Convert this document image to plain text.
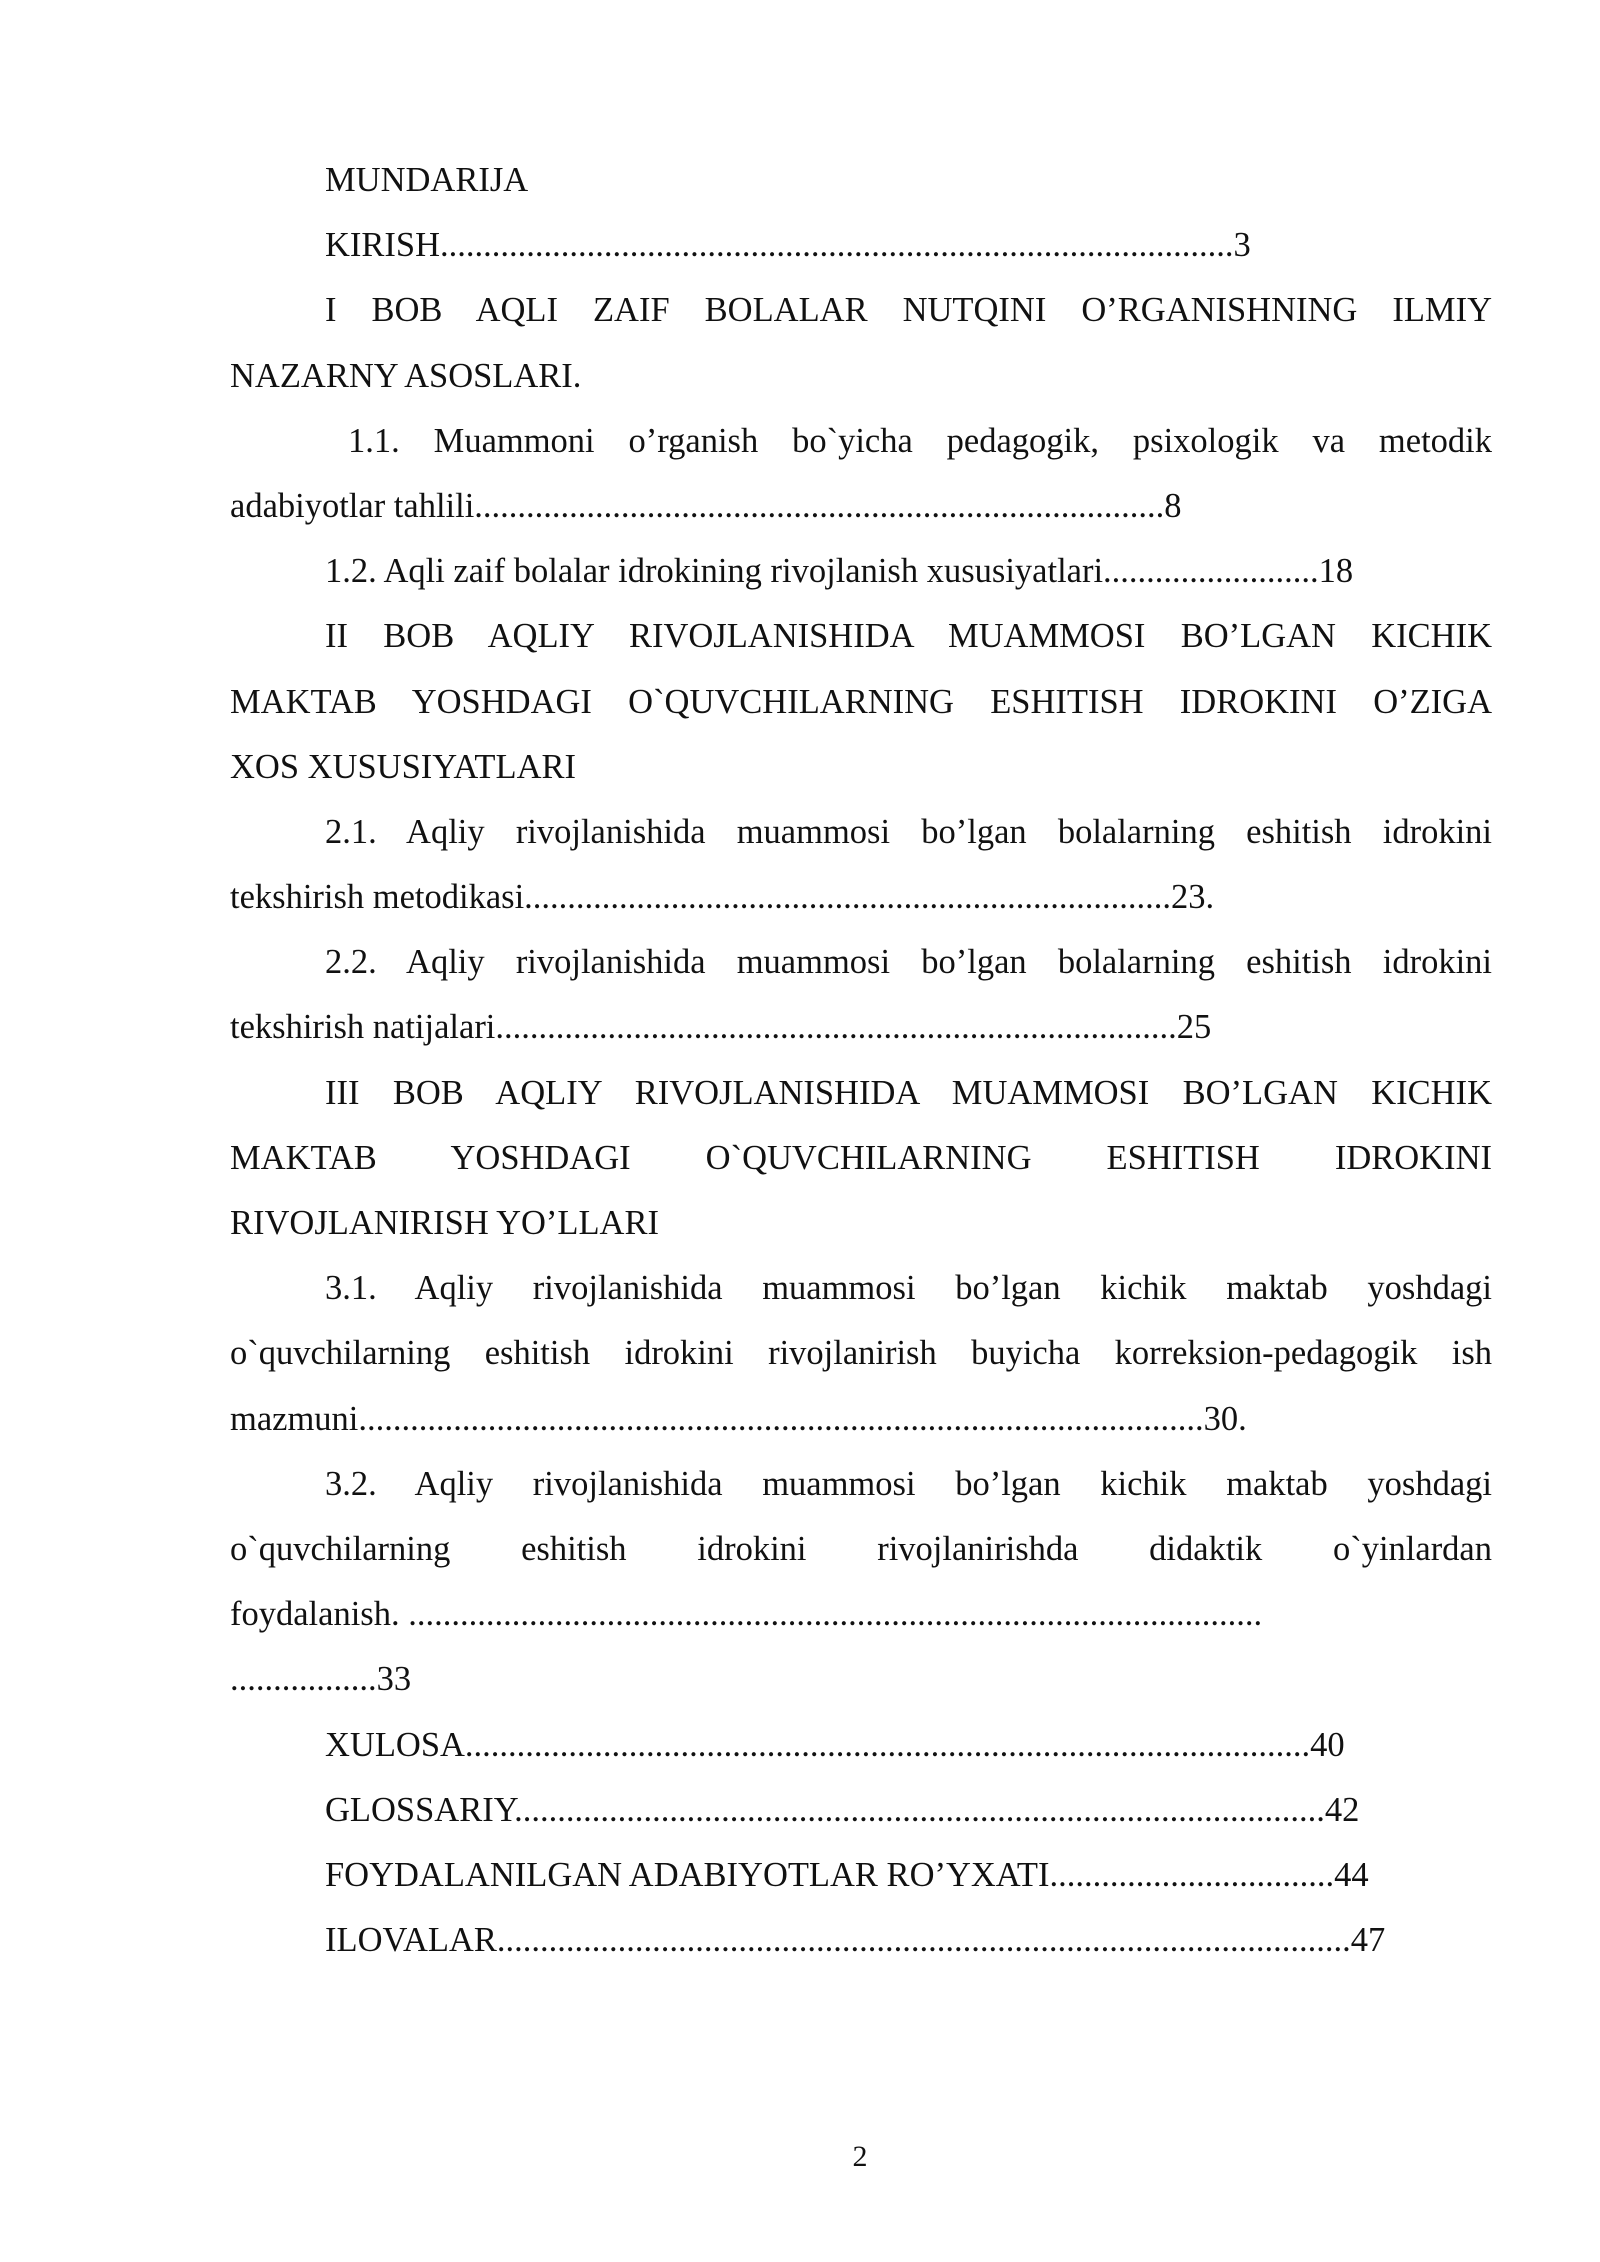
MUNDARIJA
KIRISH............................................................................................3
I BOB AQLI ZAIF BOLALAR NUTQINI O’RGANISHNING ILMIY
NAZARNY ASOSLARI.
1.1. Muammoni o’rganish bo`yicha pedagogik, psixologik va metodik
adabiyotlar tahlili................................................................................8
1.2. Aqli zaif bolalar idrokining rivojlanish xususiyatlari.........................18
II BOB AQLIY RIVOJLANISHIDA MUAMMOSI BO’LGAN KICHIK
MAKTAB YOSHDAGI O`QUVCHILARNING ESHITISH IDROKINI O’ZIGA
XOS XUSUSIYATLARI
2.1. Aqliy rivojlanishida muammosi bo’lgan bolalarning eshitish idrokini
tekshirish metodikasi...........................................................................23.
2.2. Aqliy rivojlanishida muammosi bo’lgan bolalarning eshitish idrokini
tekshirish natijalari...............................................................................25
III BOB AQLIY RIVOJLANISHIDA MUAMMOSI BO’LGAN KICHIK
MAKTAB YOSHDAGI O`QUVCHILARNING ESHITISH IDROKINI
RIVOJLANIRISH YO’LLARI
3.1. Aqliy rivojlanishida muammosi bo’lgan kichik maktab yoshdagi
o`quvchilarning eshitish idrokini rivojlanirish buyicha korreksion-pedagogik ish
mazmuni..................................................................................................30.
3.2. Aqliy rivojlanishida muammosi bo’lgan kichik maktab yoshdagi
o`quvchilarning eshitish idrokini rivojlanirishda didaktik o`yinlardan
foydalanish. ...................................................................................................
.................33
XULOSA..................................................................................................40
GLOSSARIY..............................................................................................42
FOYDALANILGAN ADABIYOTLAR RO’YXATI.................................44
ILOVALAR...................................................................................................47
2
